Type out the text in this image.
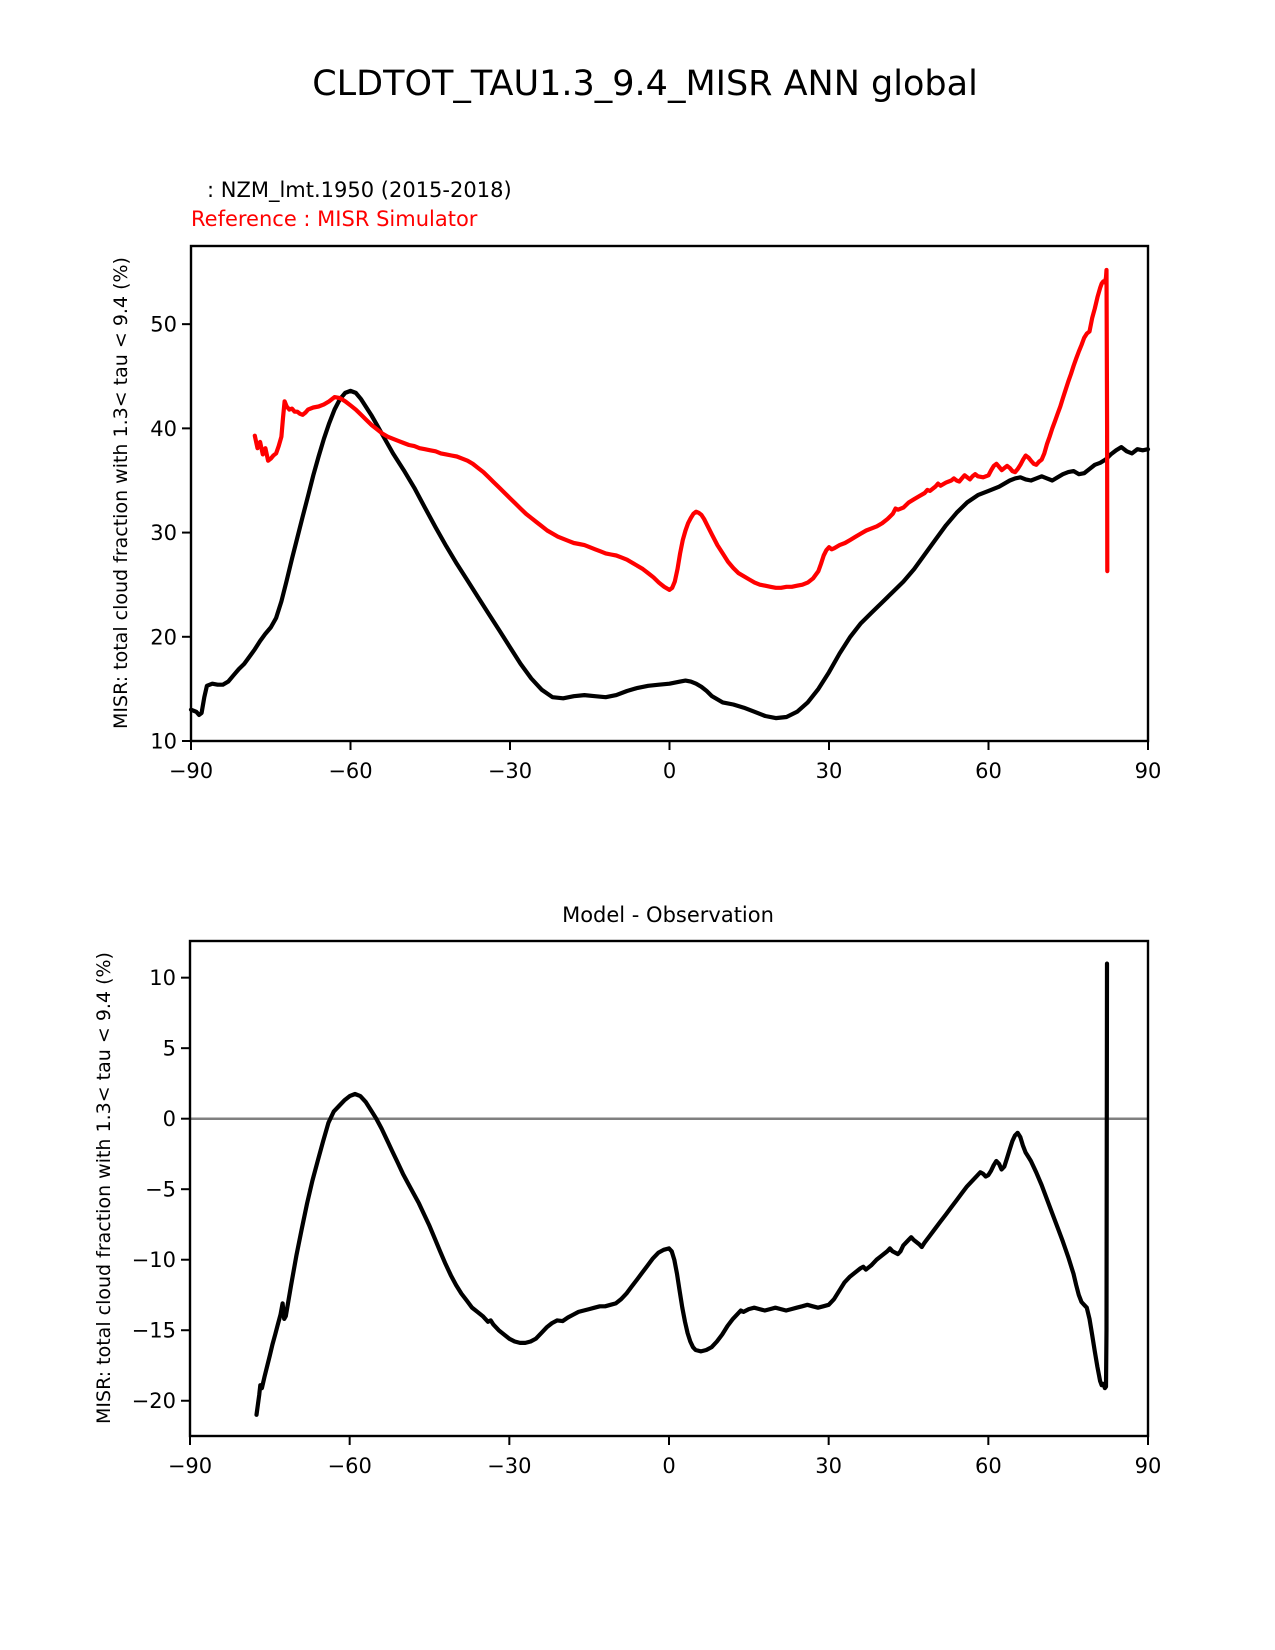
CLDTOT_TAU1.3_9.4_MISR ANN global
: NZM_lmt.1950 (2015-2018)
Reference : MISR Simulator
MISR: total cloud fraction with 1.3< tau < 9.4 (%)
MISR: total cloud fraction with 1.3< tau < 9.4 (%)
Model - Observation
−90	−60	−30	0	30	60	90
10
20
30
40
50
−90	−60	−30	0	30	60	90
−20
−15
−10
−5
0
5
10
